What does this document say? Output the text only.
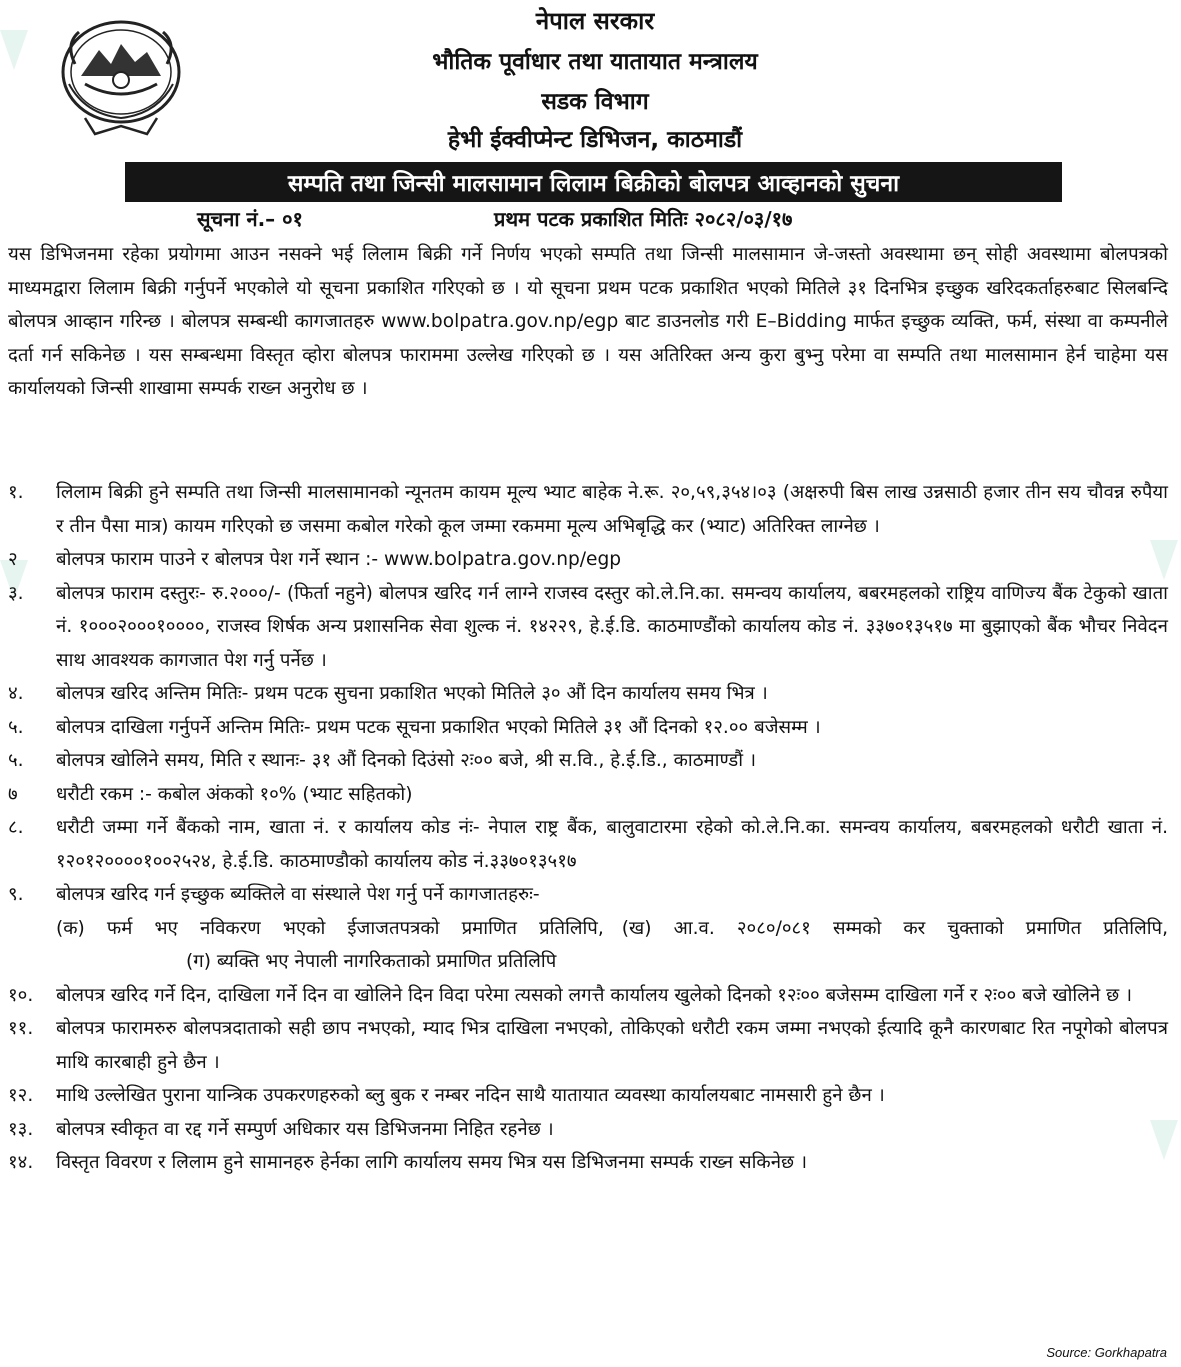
नेपाल सरकार
भौतिक पूर्वाधार तथा यातायात मन्त्रालय
सडक विभाग
हेभी ईक्वीप्मेन्ट डिभिजन, काठमाडौं
सम्पति तथा जिन्सी मालसामान लिलाम बिक्रीको बोलपत्र आव्हानको सुचना
सूचना नं.– ०१	प्रथम पटक प्रकाशित मितिः २०८२/०३/१७
यस डिभिजनमा रहेका प्रयोगमा आउन नसक्ने भई लिलाम बिक्री गर्ने निर्णय भएको सम्पति तथा जिन्सी मालसामान जे-जस्तो अवस्थामा छन् सोही अवस्थामा बोलपत्रको माध्यमद्वारा लिलाम बिक्री गर्नुपर्ने भएकोले यो सूचना प्रकाशित गरिएको छ । यो सूचना प्रथम पटक प्रकाशित भएको मितिले ३१ दिनभित्र इच्छुक खरिदकर्ताहरुबाट सिलबन्दि बोलपत्र आव्हान गरिन्छ । बोलपत्र सम्बन्धी कागजातहरु www.bolpatra.gov.np/egp बाट डाउनलोड गरी E–Bidding मार्फत इच्छुक व्यक्ति, फर्म, संस्था वा कम्पनीले दर्ता गर्न सकिनेछ । यस सम्बन्धमा विस्तृत व्होरा बोलपत्र फाराममा उल्लेख गरिएको छ । यस अतिरिक्त अन्य कुरा बुभ्नु परेमा वा सम्पति तथा मालसामान हेर्न चाहेमा यस कार्यालयको जिन्सी शाखामा सम्पर्क राख्न अनुरोध छ ।
१.	लिलाम बिक्री हुने सम्पति तथा जिन्सी मालसामानको न्यूनतम कायम मूल्य भ्याट बाहेक ने.रू. २०,५९,३५४।०३ (अक्षरुपी बिस लाख उन्नसाठी हजार तीन सय चौवन्न रुपैया र तीन पैसा मात्र) कायम गरिएको छ जसमा कबोल गरेको कूल जम्मा रकममा मूल्य अभिबृद्धि कर (भ्याट) अतिरिक्त लाग्नेछ ।
२	बोलपत्र फाराम पाउने र बोलपत्र पेश गर्ने स्थान :- www.bolpatra.gov.np/egp
३.	बोलपत्र फाराम दस्तुरः- रु.२०००/- (फिर्ता नहुने) बोलपत्र खरिद गर्न लाग्ने राजस्व दस्तुर को.ले.नि.का. समन्वय कार्यालय, बबरमहलको राष्ट्रिय वाणिज्य बैंक टेकुको खाता नं. १०००२०००१००००, राजस्व शिर्षक अन्य प्रशासनिक सेवा शुल्क नं. १४२२९, हे.ई.डि. काठमाण्डौंको कार्यालय कोड नं. ३३७०१३५१७ मा बुझाएको बैंक भौचर निवेदन साथ आवश्यक कागजात पेश गर्नु पर्नेछ ।
४.	बोलपत्र खरिद अन्तिम मितिः- प्रथम पटक सुचना प्रकाशित भएको मितिले ३० औं दिन कार्यालय समय भित्र ।
५.	बोलपत्र दाखिला गर्नुपर्ने अन्तिम मितिः- प्रथम पटक सूचना प्रकाशित भएको मितिले ३१ औं दिनको १२.०० बजेसम्म ।
५.	बोलपत्र खोलिने समय, मिति र स्थानः- ३१ औं दिनको दिउंसो २ः०० बजे, श्री स.वि., हे.ई.डि., काठमाण्डौं ।
७	धरौटी रकम :- कबोल अंकको १०% (भ्याट सहितको)
८.	धरौटी जम्मा गर्ने बैंकको नाम, खाता नं. र कार्यालय कोड नंः- नेपाल राष्ट्र बैंक, बालुवाटारमा रहेको को.ले.नि.का. समन्वय कार्यालय, बबरमहलको धरौटी खाता नं. १२०१२००००१००२५२४, हे.ई.डि. काठमाण्डौको कार्यालय कोड नं.३३७०१३५१७
९.	बोलपत्र खरिद गर्न इच्छुक ब्यक्तिले वा संस्थाले पेश गर्नु पर्ने कागजातहरुः-
(क) फर्म भए नविकरण भएको ईजाजतपत्रको प्रमाणित प्रतिलिपि, (ख) आ.व. २०८०/०८१ सम्मको कर चुक्ताको प्रमाणित प्रतिलिपि,(ग) ब्यक्ति भए नेपाली नागरिकताको प्रमाणित प्रतिलिपि
१०.	बोलपत्र खरिद गर्ने दिन, दाखिला गर्ने दिन वा खोलिने दिन विदा परेमा त्यसको लगत्तै कार्यालय खुलेको दिनको १२ः०० बजेसम्म दाखिला गर्ने र २ः०० बजे खोलिने छ ।
११.	बोलपत्र फारामरुरु बोलपत्रदाताको सही छाप नभएको, म्याद भित्र दाखिला नभएको, तोकिएको धरौटी रकम जम्मा नभएको ईत्यादि कूनै कारणबाट रित नपूगेको बोलपत्र माथि कारबाही हुने छैन ।
१२.	माथि उल्लेखित पुराना यान्त्रिक उपकरणहरुको ब्लु बुक र नम्बर नदिन साथै यातायात व्यवस्था कार्यालयबाट नामसारी हुने छैन ।
१३.	बोलपत्र स्वीकृत वा रद्द गर्ने सम्पुर्ण अधिकार यस डिभिजनमा निहित रहनेछ ।
१४.	विस्तृत विवरण र लिलाम हुने सामानहरु हेर्नका लागि कार्यालय समय भित्र यस डिभिजनमा सम्पर्क राख्न सकिनेछ ।
Source: Gorkhapatra
